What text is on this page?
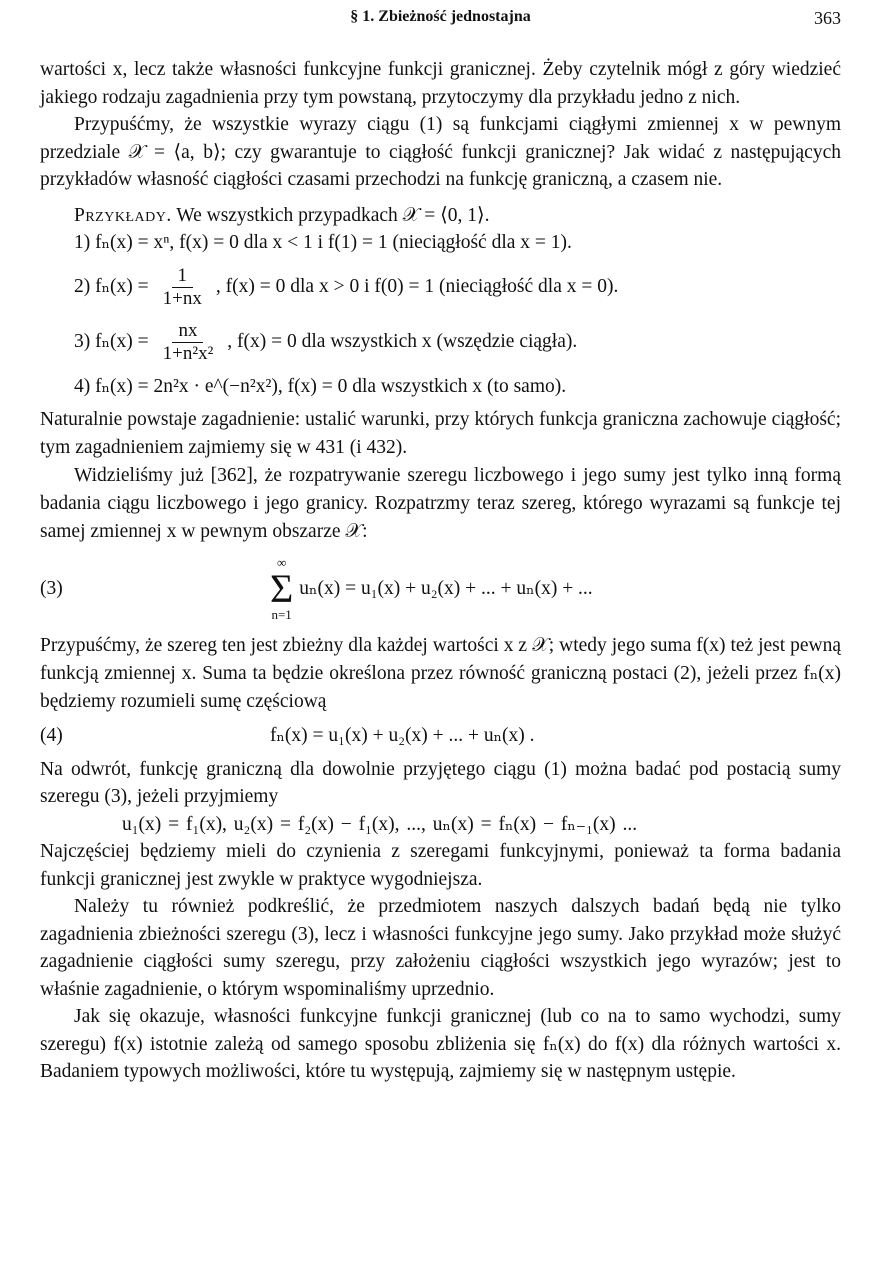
§ 1. Zbieżność jednostajna	363

wartości x, lecz także własności funkcyjne funkcji granicznej. Żeby czytelnik mógł z góry wiedzieć jakiego rodzaju zagadnienia przy tym powstaną, przytoczymy dla przykładu jedno z nich.

Przypuśćmy, że wszystkie wyrazy ciągu (1) są funkcjami ciągłymi zmiennej x w pewnym przedziale 𝒳 = ⟨a, b⟩; czy gwarantuje to ciągłość funkcji granicznej? Jak widać z następujących przykładów własność ciągłości czasami przechodzi na funkcję graniczną, a czasem nie.

Przykłady. We wszystkich przypadkach 𝒳 = ⟨0, 1⟩.

1) fₙ(x) = xⁿ, f(x) = 0 dla x < 1 i f(1) = 1 (nieciągłość dla x = 1).

2) $f_n(x) = \frac{1}{1+nx}$ , f(x) = 0 dla x > 0 i f(0) = 1 (nieciągłość dla x = 0).
3) $f_n(x) = \frac{nx}{\text{1+n²x²}}$ , f(x) = 0 dla wszystkich x (wszędzie ciągła).

4) fₙ(x) = 2n²x · e^(−n²x²), f(x) = 0 dla wszystkich x (to samo).

Naturalnie powstaje zagadnienie: ustalić warunki, przy których funkcja graniczna zachowuje ciągłość; tym zagadnieniem zajmiemy się w 431 (i 432).

Widzieliśmy już [362], że rozpatrywanie szeregu liczbowego i jego sumy jest tylko inną formą badania ciągu liczbowego i jego granicy. Rozpatrzmy teraz szereg, którego wyrazami są funkcje tej samej zmiennej x w pewnym obszarze 𝒳:

(3)
∞
Σ
n=1
uₙ(x) = u₁(x) + u₂(x) + ... + uₙ(x) + ...

Przypuśćmy, że szereg ten jest zbieżny dla każdej wartości x z 𝒳; wtedy jego suma f(x) też jest pewną funkcją zmiennej x. Suma ta będzie określona przez równość graniczną postaci (2), jeżeli przez fₙ(x) będziemy rozumieli sumę częściową

(4)	fₙ(x) = u₁(x) + u₂(x) + ... + uₙ(x) .

Na odwrót, funkcję graniczną dla dowolnie przyjętego ciągu (1) można badać pod postacią sumy szeregu (3), jeżeli przyjmiemy

u₁(x) = f₁(x), u₂(x) = f₂(x) − f₁(x), ..., uₙ(x) = fₙ(x) − fₙ₋₁(x) ...

Najczęściej będziemy mieli do czynienia z szeregami funkcyjnymi, ponieważ ta forma badania funkcji granicznej jest zwykle w praktyce wygodniejsza.

Należy tu również podkreślić, że przedmiotem naszych dalszych badań będą nie tylko zagadnienia zbieżności szeregu (3), lecz i własności funkcyjne jego sumy. Jako przykład może służyć zagadnienie ciągłości sumy szeregu, przy założeniu ciągłości wszystkich jego wyrazów; jest to właśnie zagadnienie, o którym wspominaliśmy uprzednio.

Jak się okazuje, własności funkcyjne funkcji granicznej (lub co na to samo wychodzi, sumy szeregu) f(x) istotnie zależą od samego sposobu zbliżenia się fₙ(x) do f(x) dla różnych wartości x. Badaniem typowych możliwości, które tu występują, zajmiemy się w następnym ustępie.
